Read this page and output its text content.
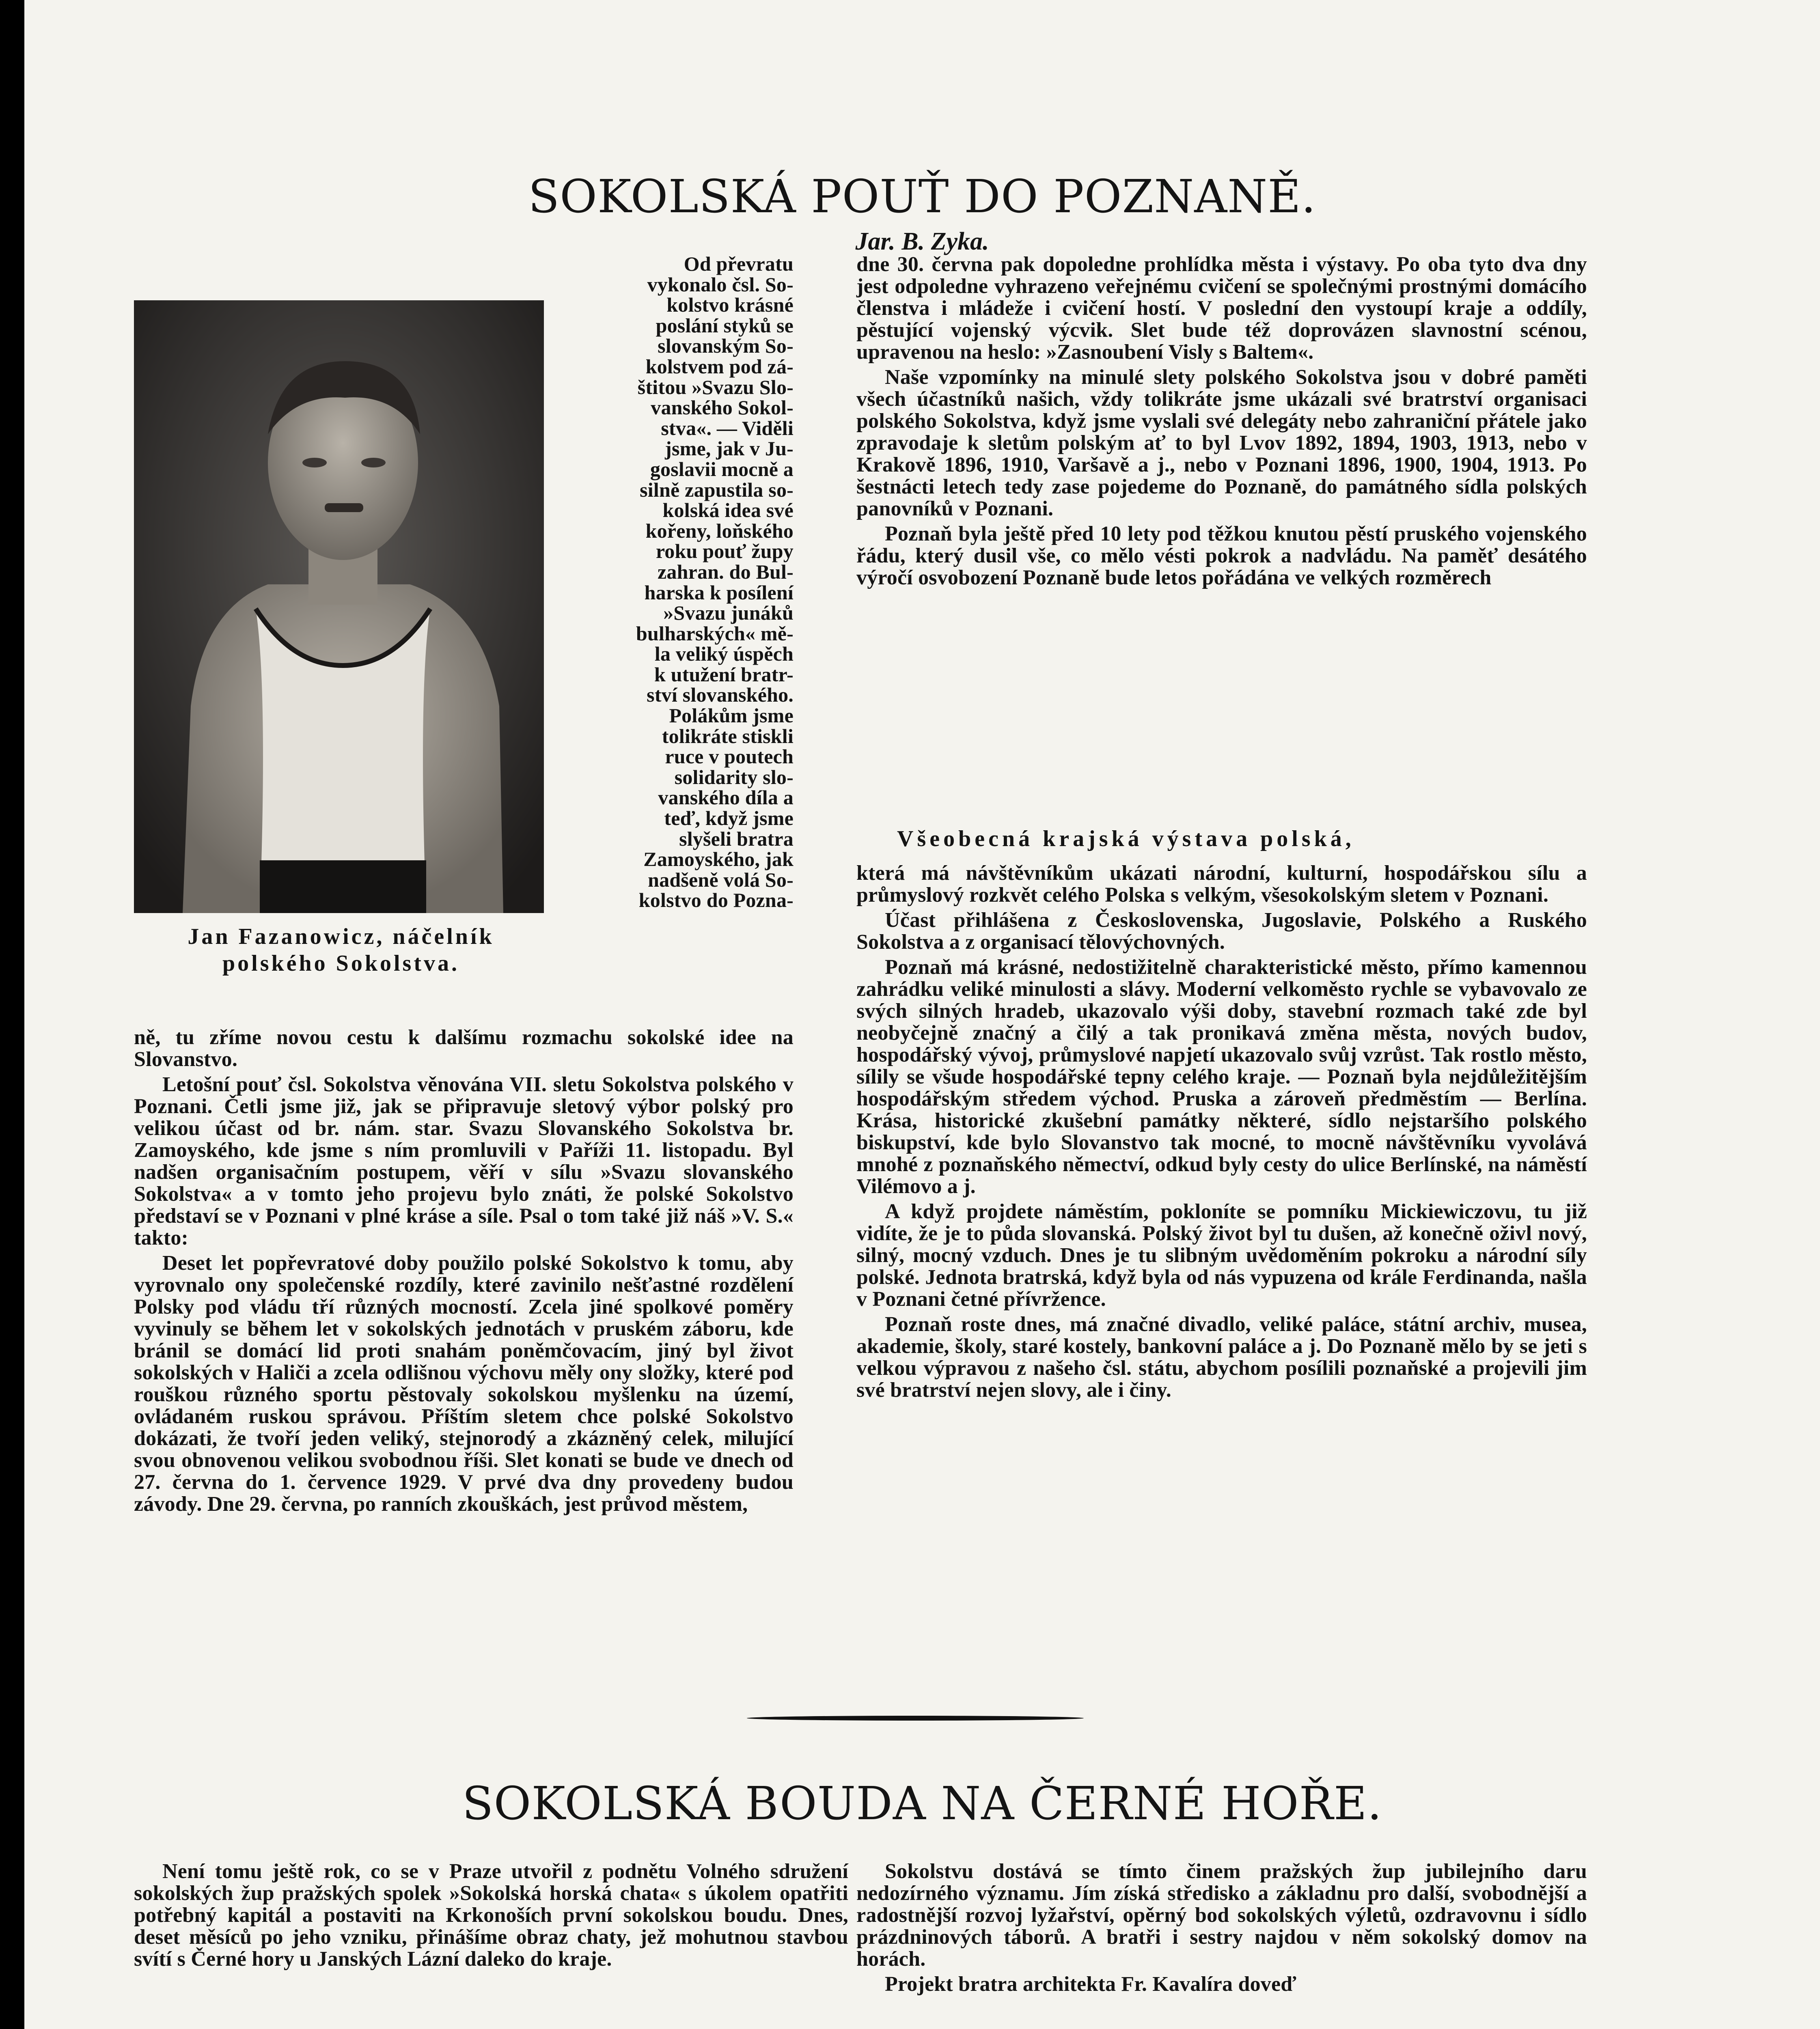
SOKOLSKÁ POUŤ DO POZNANĚ.
Jar. B. Zyka.
Jan Fazanowicz, náčelník
polského Sokolstva.
Od převratu
vykonalo čsl. So-
kolstvo krásné
poslání styků se
slovanským So-
kolstvem pod zá-
štitou »Svazu Slo-
vanského Sokol-
stva«. — Viděli
jsme, jak v Ju-
goslavii mocně a
silně zapustila so-
kolská idea své
kořeny, loňského
roku pouť župy
zahran. do Bul-
harska k posílení
»Svazu junáků
bulharských« mě-
la veliký úspěch
k utužení bratr-
ství slovanského.
Polákům jsme
tolikráte stiskli
ruce v poutech
solidarity slo-
vanského díla a
teď, když jsme
slyšeli bratra
Zamoyského, jak
nadšeně volá So-
kolstvo do Pozna-

ně, tu zříme novou cestu k dalšímu rozmachu sokolské idee na Slovanstvo.

Letošní pouť čsl. Sokolstva věnována VII. sletu Sokolstva polského v Poznani. Četli jsme již, jak se připravuje sletový výbor polský pro velikou účast od br. nám. star. Svazu Slovanského Sokolstva br. Zamoyského, kde jsme s ním promluvili v Paříži 11. listopadu. Byl nadšen organisačním postupem, věří v sílu »Svazu slovanského Sokolstva« a v tomto jeho projevu bylo znáti, že polské Sokolstvo představí se v Poznani v plné kráse a síle. Psal o tom také již náš »V. S.« takto:

Deset let popřevratové doby použilo polské Sokolstvo k tomu, aby vyrovnalo ony společenské rozdíly, které zavinilo nešťastné rozdělení Polsky pod vládu tří různých mocností. Zcela jiné spolkové poměry vyvinuly se během let v sokolských jednotách v pruském záboru, kde bránil se domácí lid proti snahám poněmčovacím, jiný byl život sokolských v Haliči a zcela odlišnou výchovu měly ony složky, které pod rouškou různého sportu pěstovaly sokolskou myšlenku na území, ovládaném ruskou správou. Příštím sletem chce polské Sokolstvo dokázati, že tvoří jeden veliký, stejnorodý a zkázněný celek, milující svou obnovenou velikou svobodnou říši. Slet konati se bude ve dnech od 27. června do 1. července 1929. V prvé dva dny provedeny budou závody. Dne 29. června, po ranních zkouškách, jest průvod městem,

dne 30. června pak dopoledne prohlídka města i výstavy. Po oba tyto dva dny jest odpoledne vyhrazeno veřejnému cvičení se společnými prostnými domácího členstva i mládeže i cvičení hostí. V poslední den vystoupí kraje a oddíly, pěstující vojenský výcvik. Slet bude též doprovázen slavnostní scénou, upravenou na heslo: »Zasnoubení Visly s Baltem«.

Naše vzpomínky na minulé slety polského Sokolstva jsou v dobré paměti všech účastníků našich, vždy tolikráte jsme ukázali své bratrství organisaci polského Sokolstva, když jsme vyslali své delegáty nebo zahraniční přátele jako zpravodaje k sletům polským ať to byl Lvov 1892, 1894, 1903, 1913, nebo v Krakově 1896, 1910, Varšavě a j., nebo v Poznani 1896, 1900, 1904, 1913. Po šestnácti letech tedy zase pojedeme do Poznaně, do památného sídla polských panovníků v Poznani.

Poznaň byla ještě před 10 lety pod těžkou knutou pěstí pruského vojenského řádu, který dusil vše, co mělo vésti pokrok a nadvládu. Na paměť desátého výročí osvobození Poznaně bude letos pořádána ve velkých rozměrech

Všeobecná krajská výstava polská,

která má návštěvníkům ukázati národní, kulturní, hospodářskou sílu a průmyslový rozkvět celého Polska s velkým, všesokolským sletem v Poznani.

Účast přihlášena z Československa, Jugoslavie, Polského a Ruského Sokolstva a z organisací tělovýchovných.

Poznaň má krásné, nedostižitelně charakteristické město, přímo kamennou zahrádku veliké minulosti a slávy. Moderní velkoměsto rychle se vybavovalo ze svých silných hradeb, ukazovalo výši doby, stavební rozmach také zde byl neobyčejně značný a čilý a tak pronikavá změna města, nových budov, hospodářský vývoj, průmyslové napjetí ukazovalo svůj vzrůst. Tak rostlo město, sílily se všude hospodářské tepny celého kraje. — Poznaň byla nejdůležitějším hospodářským středem východ. Pruska a zároveň předměstím — Berlína. Krása, historické zkušební památky některé, sídlo nejstaršího polského biskupství, kde bylo Slovanstvo tak mocné, to mocně návštěvníku vyvolává mnohé z poznaňského němectví, odkud byly cesty do ulice Berlínské, na náměstí Vilémovo a j.

A když projdete náměstím, pokloníte se pomníku Mickiewiczovu, tu již vidíte, že je to půda slovanská. Polský život byl tu dušen, až konečně oživl nový, silný, mocný vzduch. Dnes je tu slibným uvědoměním pokroku a národní síly polské. Jednota bratrská, když byla od nás vypuzena od krále Ferdinanda, našla v Poznani četné přívržence.

Poznaň roste dnes, má značné divadlo, veliké paláce, státní archiv, musea, akademie, školy, staré kostely, bankovní paláce a j. Do Poznaně mělo by se jeti s velkou výpravou z našeho čsl. státu, abychom posílili poznaňské a projevili jim své bratrství nejen slovy, ale i činy.

SOKOLSKÁ BOUDA NA ČERNÉ HOŘE.

Není tomu ještě rok, co se v Praze utvořil z podnětu Volného sdružení sokolských žup pražských spolek »Sokolská horská chata« s úkolem opatřiti potřebný kapitál a postaviti na Krkonoších první sokolskou boudu. Dnes, deset měsíců po jeho vzniku, přinášíme obraz chaty, jež mohutnou stavbou svítí s Černé hory u Janských Lázní daleko do kraje.

Sokolstvu dostává se tímto činem pražských žup jubilejního daru nedozírného významu. Jím získá středisko a základnu pro další, svobodnější a radostnější rozvoj lyžařství, opěrný bod sokolských výletů, ozdravovnu i sídlo prázdninových táborů. A bratři i sestry najdou v něm sokolský domov na horách.

Projekt bratra architekta Fr. Kavalíra doveď
